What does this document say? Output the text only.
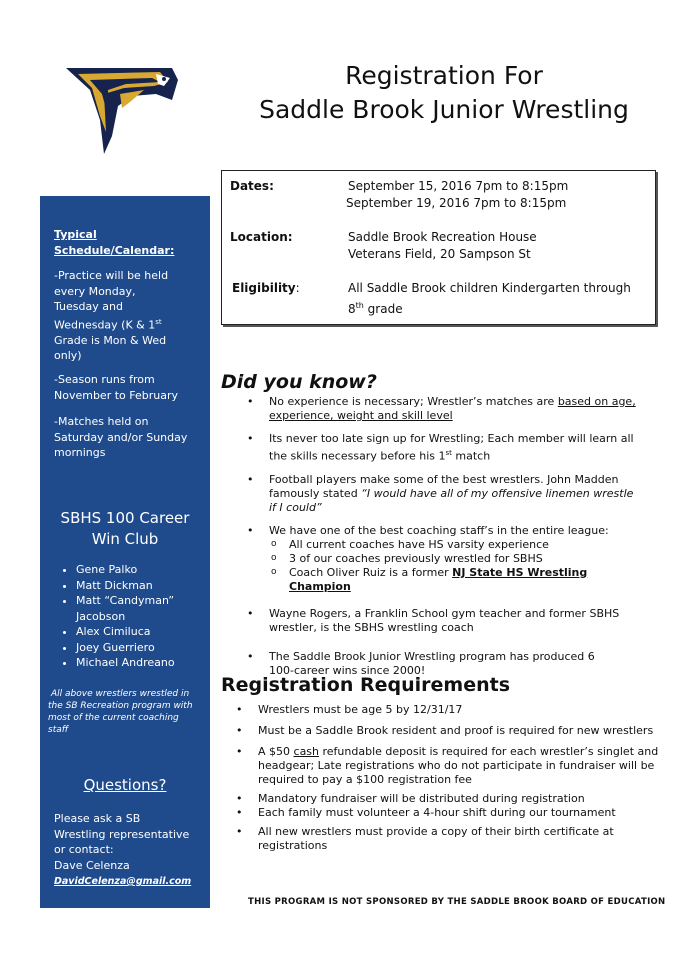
Registration For
Saddle Brook Junior Wrestling
Dates:	September 15, 2016 7pm to 8:15pm
September 19, 2016 7pm to 8:15pm
Location:	Saddle Brook Recreation House
Veterans Field, 20 Sampson St
Eligibility:	All Saddle Brook children Kindergarten through
8th grade
Typical
Schedule/Calendar:
-Practice will be held
every Monday,
Tuesday and
Wednesday (K & 1st
Grade is Mon & Wed
only)
-Season runs from
November to February
-Matches held on
Saturday and/or Sunday
mornings
SBHS 100 Career
Win Club
• Gene Palko
• Matt Dickman
• Matt “Candyman” Jacobson
• Alex Cimiluca
• Joey Guerriero
• Michael Andreano
All above wrestlers wrestled in
the SB Recreation program with
most of the current coaching
staff
Questions?
Please ask a SB
Wrestling representative
or contact:
Dave Celenza
DavidCelenza@gmail.com
Did you know?
• No experience is necessary; Wrestler’s matches are based on age,
experience, weight and skill level
• Its never too late sign up for Wrestling; Each member will learn all
the skills necessary before his 1st match
• Football players make some of the best wrestlers. John Madden
famously stated “I would have all of my offensive linemen wrestle
if I could”
• We have one of the best coaching staff’s in the entire league:
o All current coaches have HS varsity experience
o 3 of our coaches previously wrestled for SBHS
o Coach Oliver Ruiz is a former NJ State HS Wrestling
Champion
• Wayne Rogers, a Franklin School gym teacher and former SBHS
wrestler, is the SBHS wrestling coach
• The Saddle Brook Junior Wrestling program has produced 6
100-career wins since 2000!
Registration Requirements
• Wrestlers must be age 5 by 12/31/17
• Must be a Saddle Brook resident and proof is required for new wrestlers
• A $50 cash refundable deposit is required for each wrestler’s singlet and
headgear; Late registrations who do not participate in fundraiser will be
required to pay a $100 registration fee
• Mandatory fundraiser will be distributed during registration
• Each family must volunteer a 4-hour shift during our tournament
• All new wrestlers must provide a copy of their birth certificate at
registrations
THIS PROGRAM IS NOT SPONSORED BY THE SADDLE BROOK BOARD OF EDUCATION
